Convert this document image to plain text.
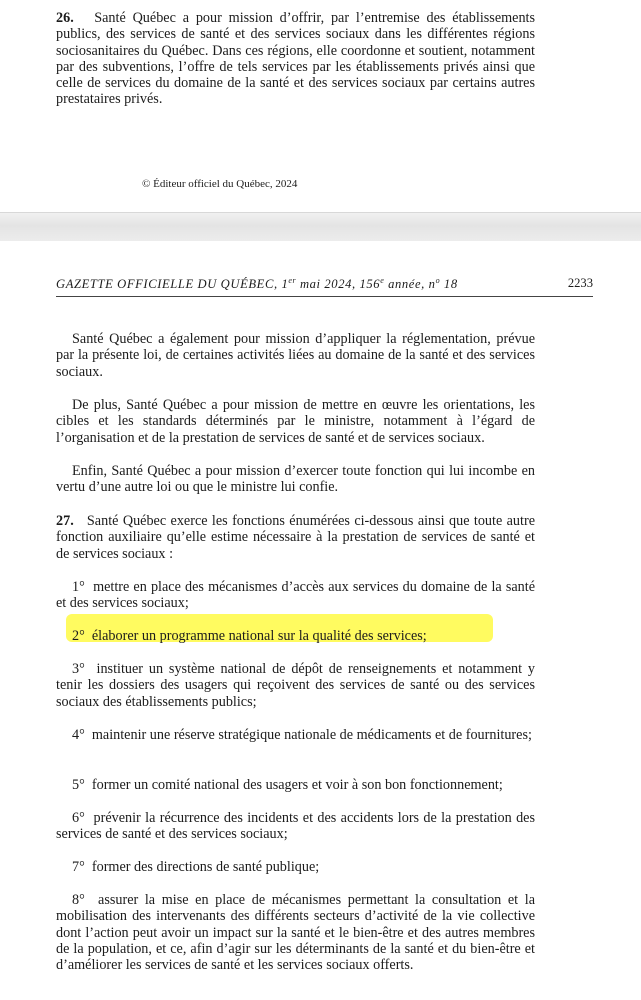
26. Santé Québec a pour mission d’offrir, par l’entremise des établissements publics, des services de santé et des services sociaux dans les différentes régions sociosanitaires du Québec. Dans ces régions, elle coordonne et soutient, notamment par des subventions, l’offre de tels services par les établissements privés ainsi que celle de services du domaine de la santé et des services sociaux par certains autres prestataires privés.

© Éditeur officiel du Québec, 2024
GAZETTE OFFICIELLE DU QUÉBEC, 1er mai 2024, 156e année, $n^o$ 18	2233

Santé Québec a également pour mission d’appliquer la réglementation, prévue par la présente loi, de certaines activités liées au domaine de la santé et des services sociaux.

De plus, Santé Québec a pour mission de mettre en œuvre les orientations, les cibles et les standards déterminés par le ministre, notamment à l’égard de l’organisation et de la prestation de services de santé et de services sociaux.

Enfin, Santé Québec a pour mission d’exercer toute fonction qui lui incombe en vertu d’une autre loi ou que le ministre lui confie.

27. Santé Québec exerce les fonctions énumérées ci-dessous ainsi que toute autre fonction auxiliaire qu’elle estime nécessaire à la prestation de services de santé et de services sociaux :

1° mettre en place des mécanismes d’accès aux services du domaine de la santé et des services sociaux;

2° élaborer un programme national sur la qualité des services;

3° instituer un système national de dépôt de renseignements et notamment y tenir les dossiers des usagers qui reçoivent des services de santé ou des services sociaux des établissements publics;

4° maintenir une réserve stratégique nationale de médicaments et de fournitures;

5° former un comité national des usagers et voir à son bon fonctionnement;

6° prévenir la récurrence des incidents et des accidents lors de la prestation des services de santé et des services sociaux;

7° former des directions de santé publique;

8° assurer la mise en place de mécanismes permettant la consultation et la mobilisation des intervenants des différents secteurs d’activité de la vie collective dont l’action peut avoir un impact sur la santé et le bien-être et des autres membres de la population, et ce, afin d’agir sur les déterminants de la santé et du bien-être et d’améliorer les services de santé et les services sociaux offerts.
